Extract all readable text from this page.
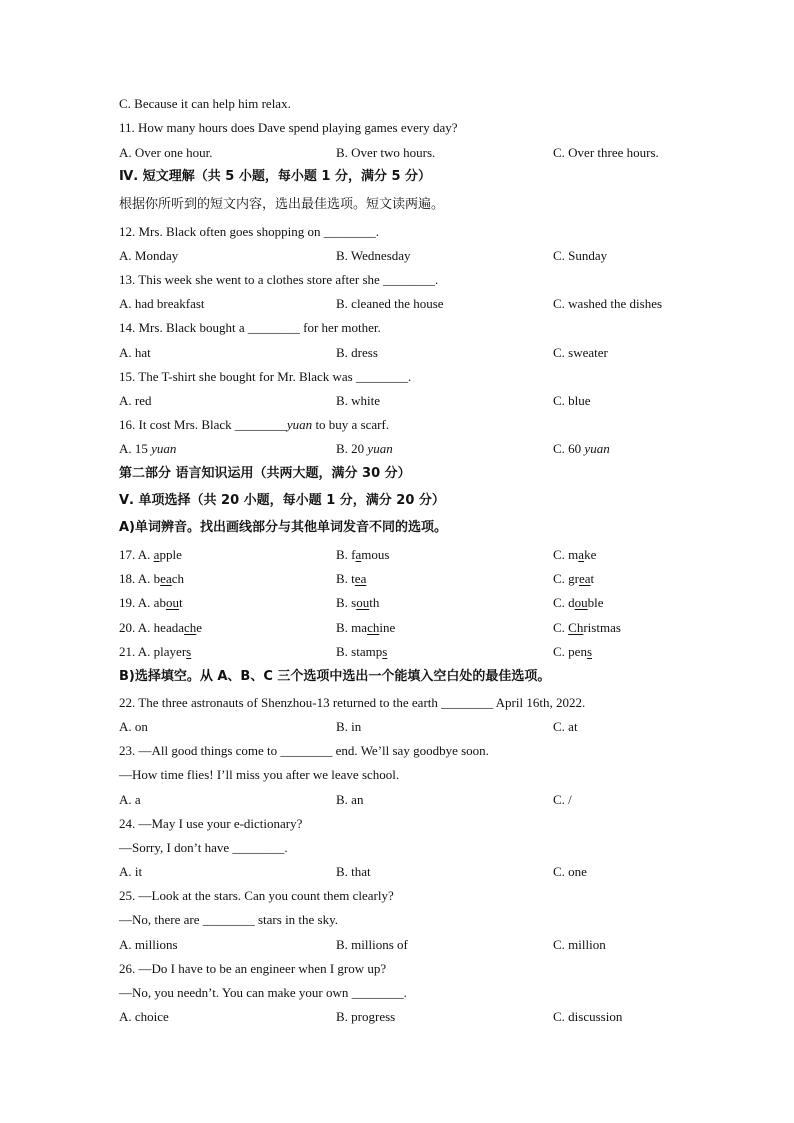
C. Because it can help him relax.
11. How many hours does Dave spend playing games every day?
A. Over one hour.	B. Over two hours.	C. Over three hours.
Ⅳ. 短文理解（共 5 小题，每小题 1 分，满分 5 分）
根据你所听到的短文内容，选出最佳选项。短文读两遍。
12. Mrs. Black often goes shopping on ________.
A. Monday	B. Wednesday	C. Sunday
13. This week she went to a clothes store after she ________.
A. had breakfast	B. cleaned the house	C. washed the dishes
14. Mrs. Black bought a ________ for her mother.
A. hat	B. dress	C. sweater
15. The T-shirt she bought for Mr. Black was ________.
A. red	B. white	C. blue
16. It cost Mrs. Black ________yuan to buy a scarf.
A. 15 yuan	B. 20 yuan	C. 60 yuan
第二部分 语言知识运用（共两大题，满分 30 分）
Ⅴ. 单项选择（共 20 小题，每小题 1 分，满分 20 分）
A)单词辨音。找出画线部分与其他单词发音不同的选项。
17. A. apple	B. famous	C. make
18. A. beach	B. tea	C. great
19. A. about	B. south	C. double
20. A. headache	B. machine	C. Christmas
21. A. players	B. stamps	C. pens
B)选择填空。从 A、B、C 三个选项中选出一个能填入空白处的最佳选项。
22. The three astronauts of Shenzhou-13 returned to the earth ________ April 16th, 2022.
A. on	B. in	C. at
23. —All good things come to ________ end. We’ll say goodbye soon.
—How time flies! I’ll miss you after we leave school.
A. a	B. an	C. /
24. —May I use your e-dictionary?
—Sorry, I don’t have ________.
A. it	B. that	C. one
25. —Look at the stars. Can you count them clearly?
—No, there are ________ stars in the sky.
A. millions	B. millions of	C. million
26. —Do I have to be an engineer when I grow up?
—No, you needn’t. You can make your own ________.
A. choice	B. progress	C. discussion
